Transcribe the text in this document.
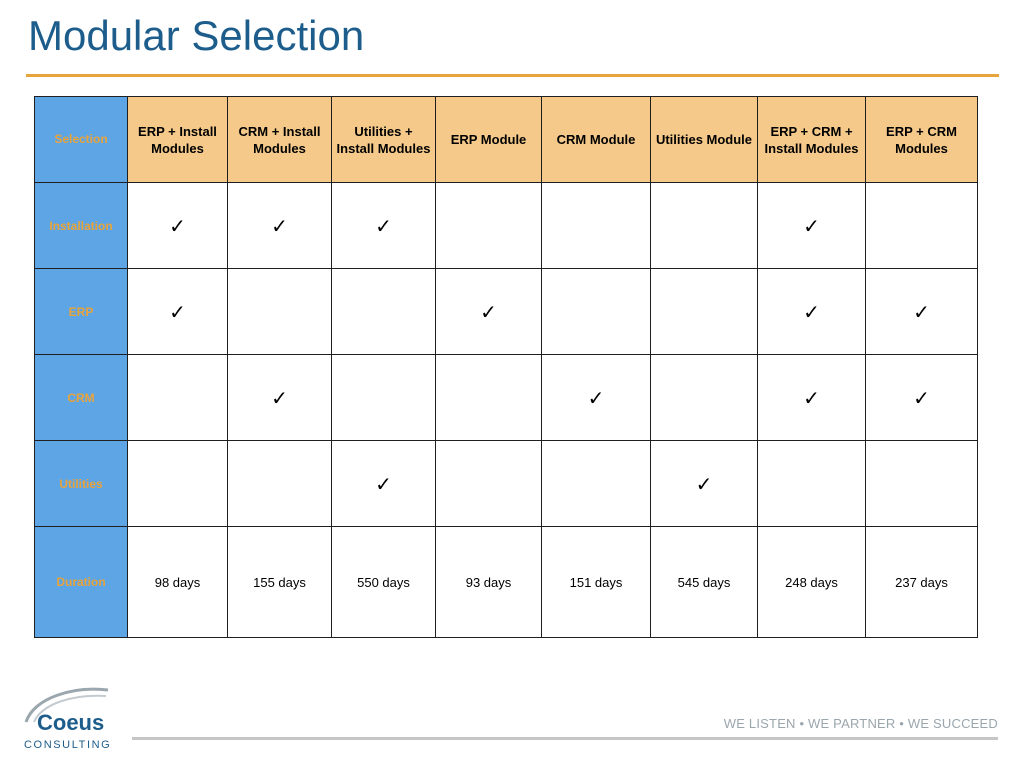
Modular Selection
Selection	ERP + Install Modules	CRM + Install Modules	Utilities + Install Modules	ERP Module	CRM Module	Utilities Module	ERP + CRM + Install Modules	ERP + CRM Modules
Installation	✓	✓	✓				✓	
ERP	✓			✓			✓	✓
CRM		✓			✓		✓	✓
Utilities			✓			✓		
Duration	98 days	155 days	550 days	93 days	151 days	545 days	248 days	237 days
Coeus
CONSULTING
WE LISTEN • WE PARTNER • WE SUCCEED
